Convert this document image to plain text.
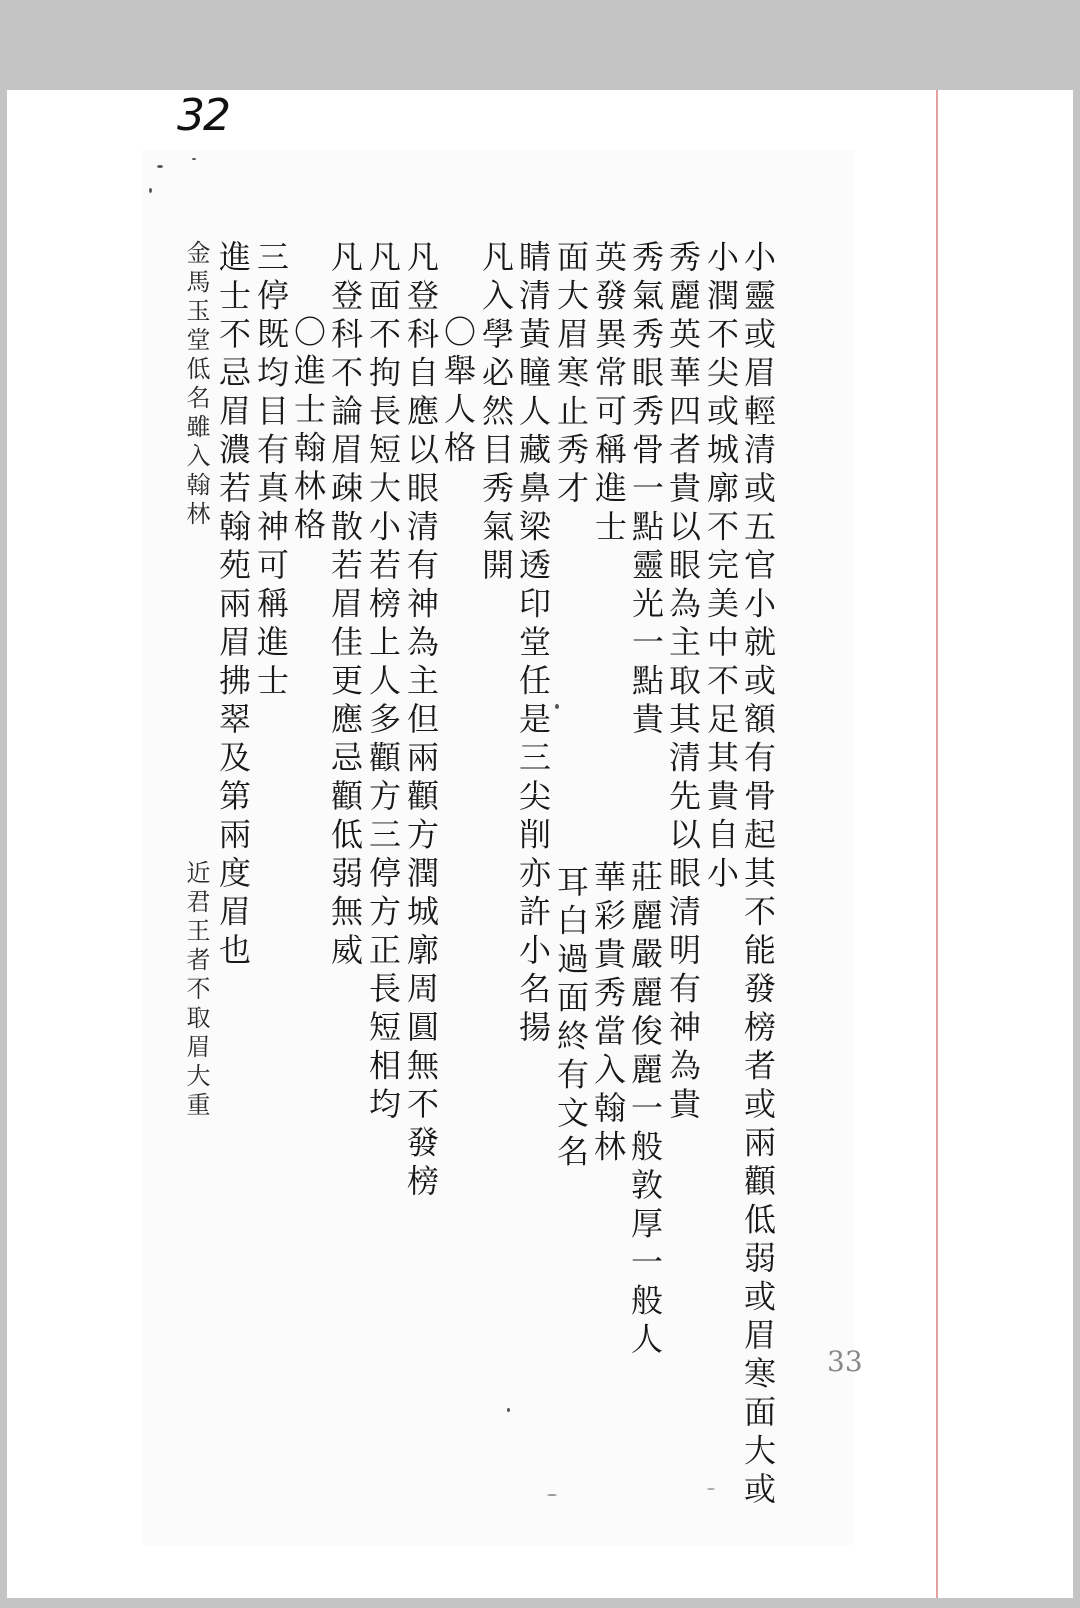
32
33
小靈或眉輕清或五官小就或額有骨起其不能發榜者或兩顴低弱或眉寒面大或
小潤不尖或城廓不完美中不足其貴自小
秀麗英華四者貴以眼為主取其清先以眼清明有神為貴
莊麗嚴麗俊麗一般敦厚一般人
秀氣秀眼秀骨一點靈光一點貴
華彩貴秀當入翰林
英發異常可稱進士
面大眉寒止秀才
耳白過面終有文名
睛清黃瞳人藏鼻梁透印堂任是三尖削亦許小名揚
凡入學必然目秀氣開
〇舉人格
凡登科自應以眼清有神為主但兩顴方潤城廓周圓無不發榜
凡面不拘長短大小若榜上人多顴方三停方正長短相均
凡登科不論眉疎散若眉佳更應忌顴低弱無威
〇進士翰林格
三停既均目有真神可稱進士
進士不忌眉濃若翰苑兩眉拂翠及第兩度眉也
金馬玉堂低名雖入翰林
近君王者不取眉大重
